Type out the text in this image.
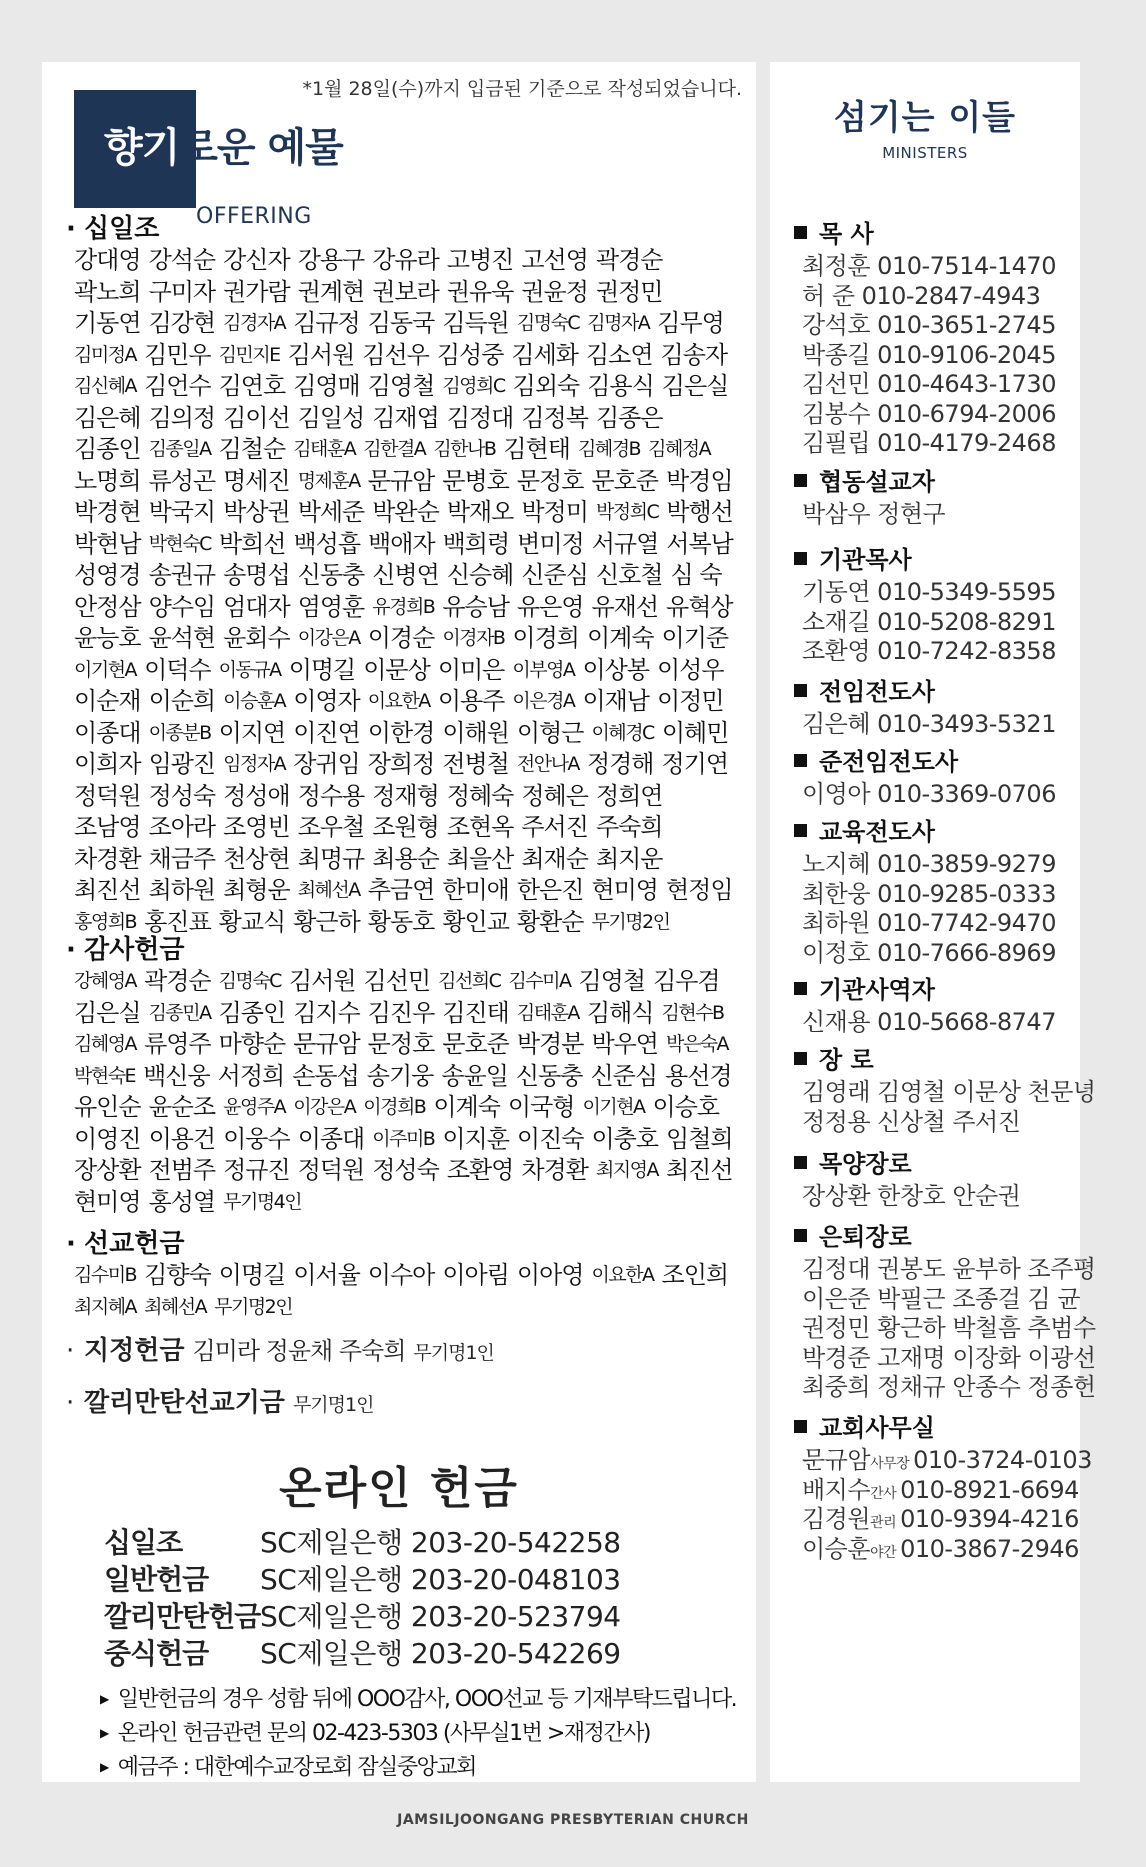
*1월 28일(수)까지 입금된 기준으로 작성되었습니다.
향기로운 예물
OFFERING
· 십일조
강대영 강석순 강신자 강용구 강유라 고병진 고선영 곽경순
곽노희 구미자 권가람 권계현 권보라 권유욱 권윤정 권정민
기동연 김강현 김경자A 김규정 김동국 김득원 김명숙C 김명자A 김무영
김미정A 김민우 김민지E 김서원 김선우 김성중 김세화 김소연 김송자
김신혜A 김언수 김연호 김영매 김영철 김영희C 김외숙 김용식 김은실
김은혜 김의정 김이선 김일성 김재엽 김정대 김정복 김종은
김종인 김종일A 김철순 김태훈A 김한결A 김한나B 김현태 김혜경B 김혜정A
노명희 류성곤 명세진 명제훈A 문규암 문병호 문정호 문호준 박경임
박경현 박국지 박상권 박세준 박완순 박재오 박정미 박정희C 박행선
박현남 박현숙C 박희선 백성흡 백애자 백희령 변미정 서규열 서복남
성영경 송권규 송명섭 신동충 신병연 신승혜 신준심 신호철 심 숙
안정삼 양수임 엄대자 염영훈 유경희B 유승남 유은영 유재선 유혁상
윤능호 윤석현 윤회수 이강은A 이경순 이경자B 이경희 이계숙 이기준
이기현A 이덕수 이동규A 이명길 이문상 이미은 이부영A 이상봉 이성우
이순재 이순희 이승훈A 이영자 이요한A 이용주 이은경A 이재남 이정민
이종대 이종분B 이지연 이진연 이한경 이해원 이형근 이혜경C 이혜민
이희자 임광진 임정자A 장귀임 장희정 전병철 전안나A 정경해 정기연
정덕원 정성숙 정성애 정수용 정재형 정혜숙 정혜은 정희연
조남영 조아라 조영빈 조우철 조원형 조현옥 주서진 주숙희
차경환 채금주 천상현 최명규 최용순 최을산 최재순 최지운
최진선 최하원 최형운 최혜선A 추금연 한미애 한은진 현미영 현정임
홍영희B 홍진표 황교식 황근하 황동호 황인교 황환순 무기명2인
· 감사헌금
강혜영A 곽경순 김명숙C 김서원 김선민 김선희C 김수미A 김영철 김우겸
김은실 김종민A 김종인 김지수 김진우 김진태 김태훈A 김해식 김현수B
김혜영A 류영주 마향순 문규암 문정호 문호준 박경분 박우연 박은숙A
박현숙E 백신웅 서정희 손동섭 송기웅 송윤일 신동충 신준심 용선경
유인순 윤순조 윤영주A 이강은A 이경희B 이계숙 이국형 이기현A 이승호
이영진 이용건 이웅수 이종대 이주미B 이지훈 이진숙 이충호 임철희
장상환 전범주 정규진 정덕원 정성숙 조환영 차경환 최지영A 최진선
현미영 홍성열 무기명4인
· 선교헌금
김수미B 김향숙 이명길 이서율 이수아 이아림 이아영 이요한A 조인희
최지혜A 최혜선A 무기명2인
· 지정헌금 김미라 정윤채 주숙희 무기명1인
· 깔리만탄선교기금 무기명1인
온라인 헌금
십일조	SC제일은행 203-20-542258
일반헌금 SC제일은행 203-20-048103
깔리만탄헌금SC제일은행 203-20-523794
중식헌금 SC제일은행 203-20-542269
▶ 일반헌금의 경우 성함 뒤에 OOO감사, OOO선교 등 기재부탁드립니다.
▶ 온라인 헌금관련 문의 02-423-5303 (사무실1번 >재정간사)
▶ 예금주 : 대한예수교장로회 잠실중앙교회
섬기는 이들
MINISTERS
목 사
최정훈 010-7514-1470
허 준 010-2847-4943
강석호 010-3651-2745
박종길 010-9106-2045
김선민 010-4643-1730
김봉수 010-6794-2006
김필립 010-4179-2468
협동설교자
박삼우 정현구
기관목사
기동연 010-5349-5595
소재길 010-5208-8291
조환영 010-7242-8358
전임전도사
김은혜 010-3493-5321
준전임전도사
이영아 010-3369-0706
교육전도사
노지혜 010-3859-9279
최한웅 010-9285-0333
최하원 010-7742-9470
이정호 010-7666-8969
기관사역자
신재용 010-5668-8747
장 로
김영래 김영철 이문상 천문녕
정정용 신상철 주서진
목양장로
장상환 한창호 안순권
은퇴장로
김정대 권봉도 윤부하 조주평
이은준 박필근 조종걸 김 균
권정민 황근하 박철흠 추범수
박경준 고재명 이장화 이광선
최중희 정채규 안종수 정종헌
교회사무실
문규암사무장 010-3724-0103
배지수간사 010-8921-6694
김경원관리 010-9394-4216
이승훈야간 010-3867-2946
JAMSILJOONGANG PRESBYTERIAN CHURCH
